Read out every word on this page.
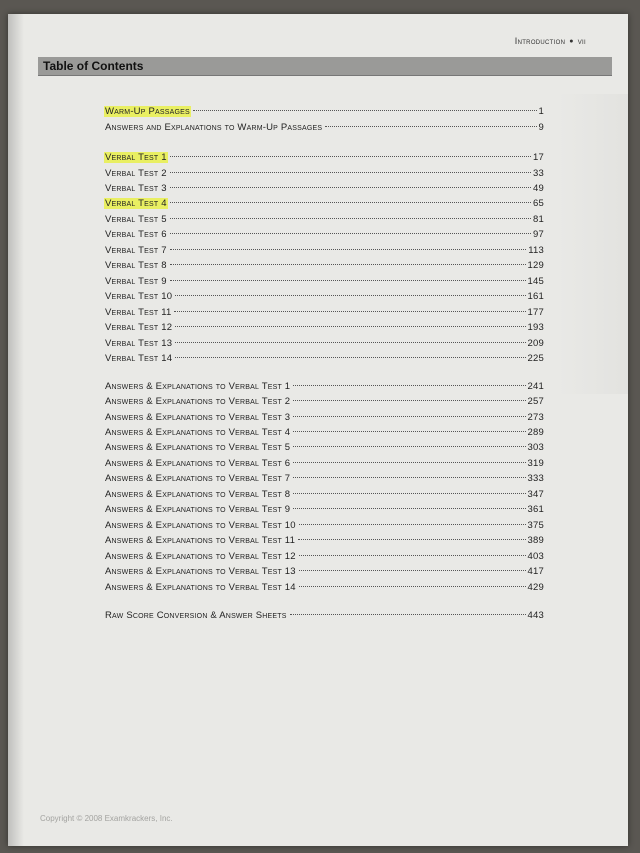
Introduction ● vii
Table of Contents
Warm-Up Passages	1
Answers and Explanations to Warm-Up Passages	9
Verbal Test 1	17
Verbal Test 2	33
Verbal Test 3	49
Verbal Test 4	65
Verbal Test 5	81
Verbal Test 6	97
Verbal Test 7	113
Verbal Test 8	129
Verbal Test 9	145
Verbal Test 10	161
Verbal Test 11	177
Verbal Test 12	193
Verbal Test 13	209
Verbal Test 14	225
Answers & Explanations to Verbal Test 1	241
Answers & Explanations to Verbal Test 2	257
Answers & Explanations to Verbal Test 3	273
Answers & Explanations to Verbal Test 4	289
Answers & Explanations to Verbal Test 5	303
Answers & Explanations to Verbal Test 6	319
Answers & Explanations to Verbal Test 7	333
Answers & Explanations to Verbal Test 8	347
Answers & Explanations to Verbal Test 9	361
Answers & Explanations to Verbal Test 10	375
Answers & Explanations to Verbal Test 11	389
Answers & Explanations to Verbal Test 12	403
Answers & Explanations to Verbal Test 13	417
Answers & Explanations to Verbal Test 14	429
Raw Score Conversion & Answer Sheets	443
Copyright © 2008 Examkrackers, Inc.
